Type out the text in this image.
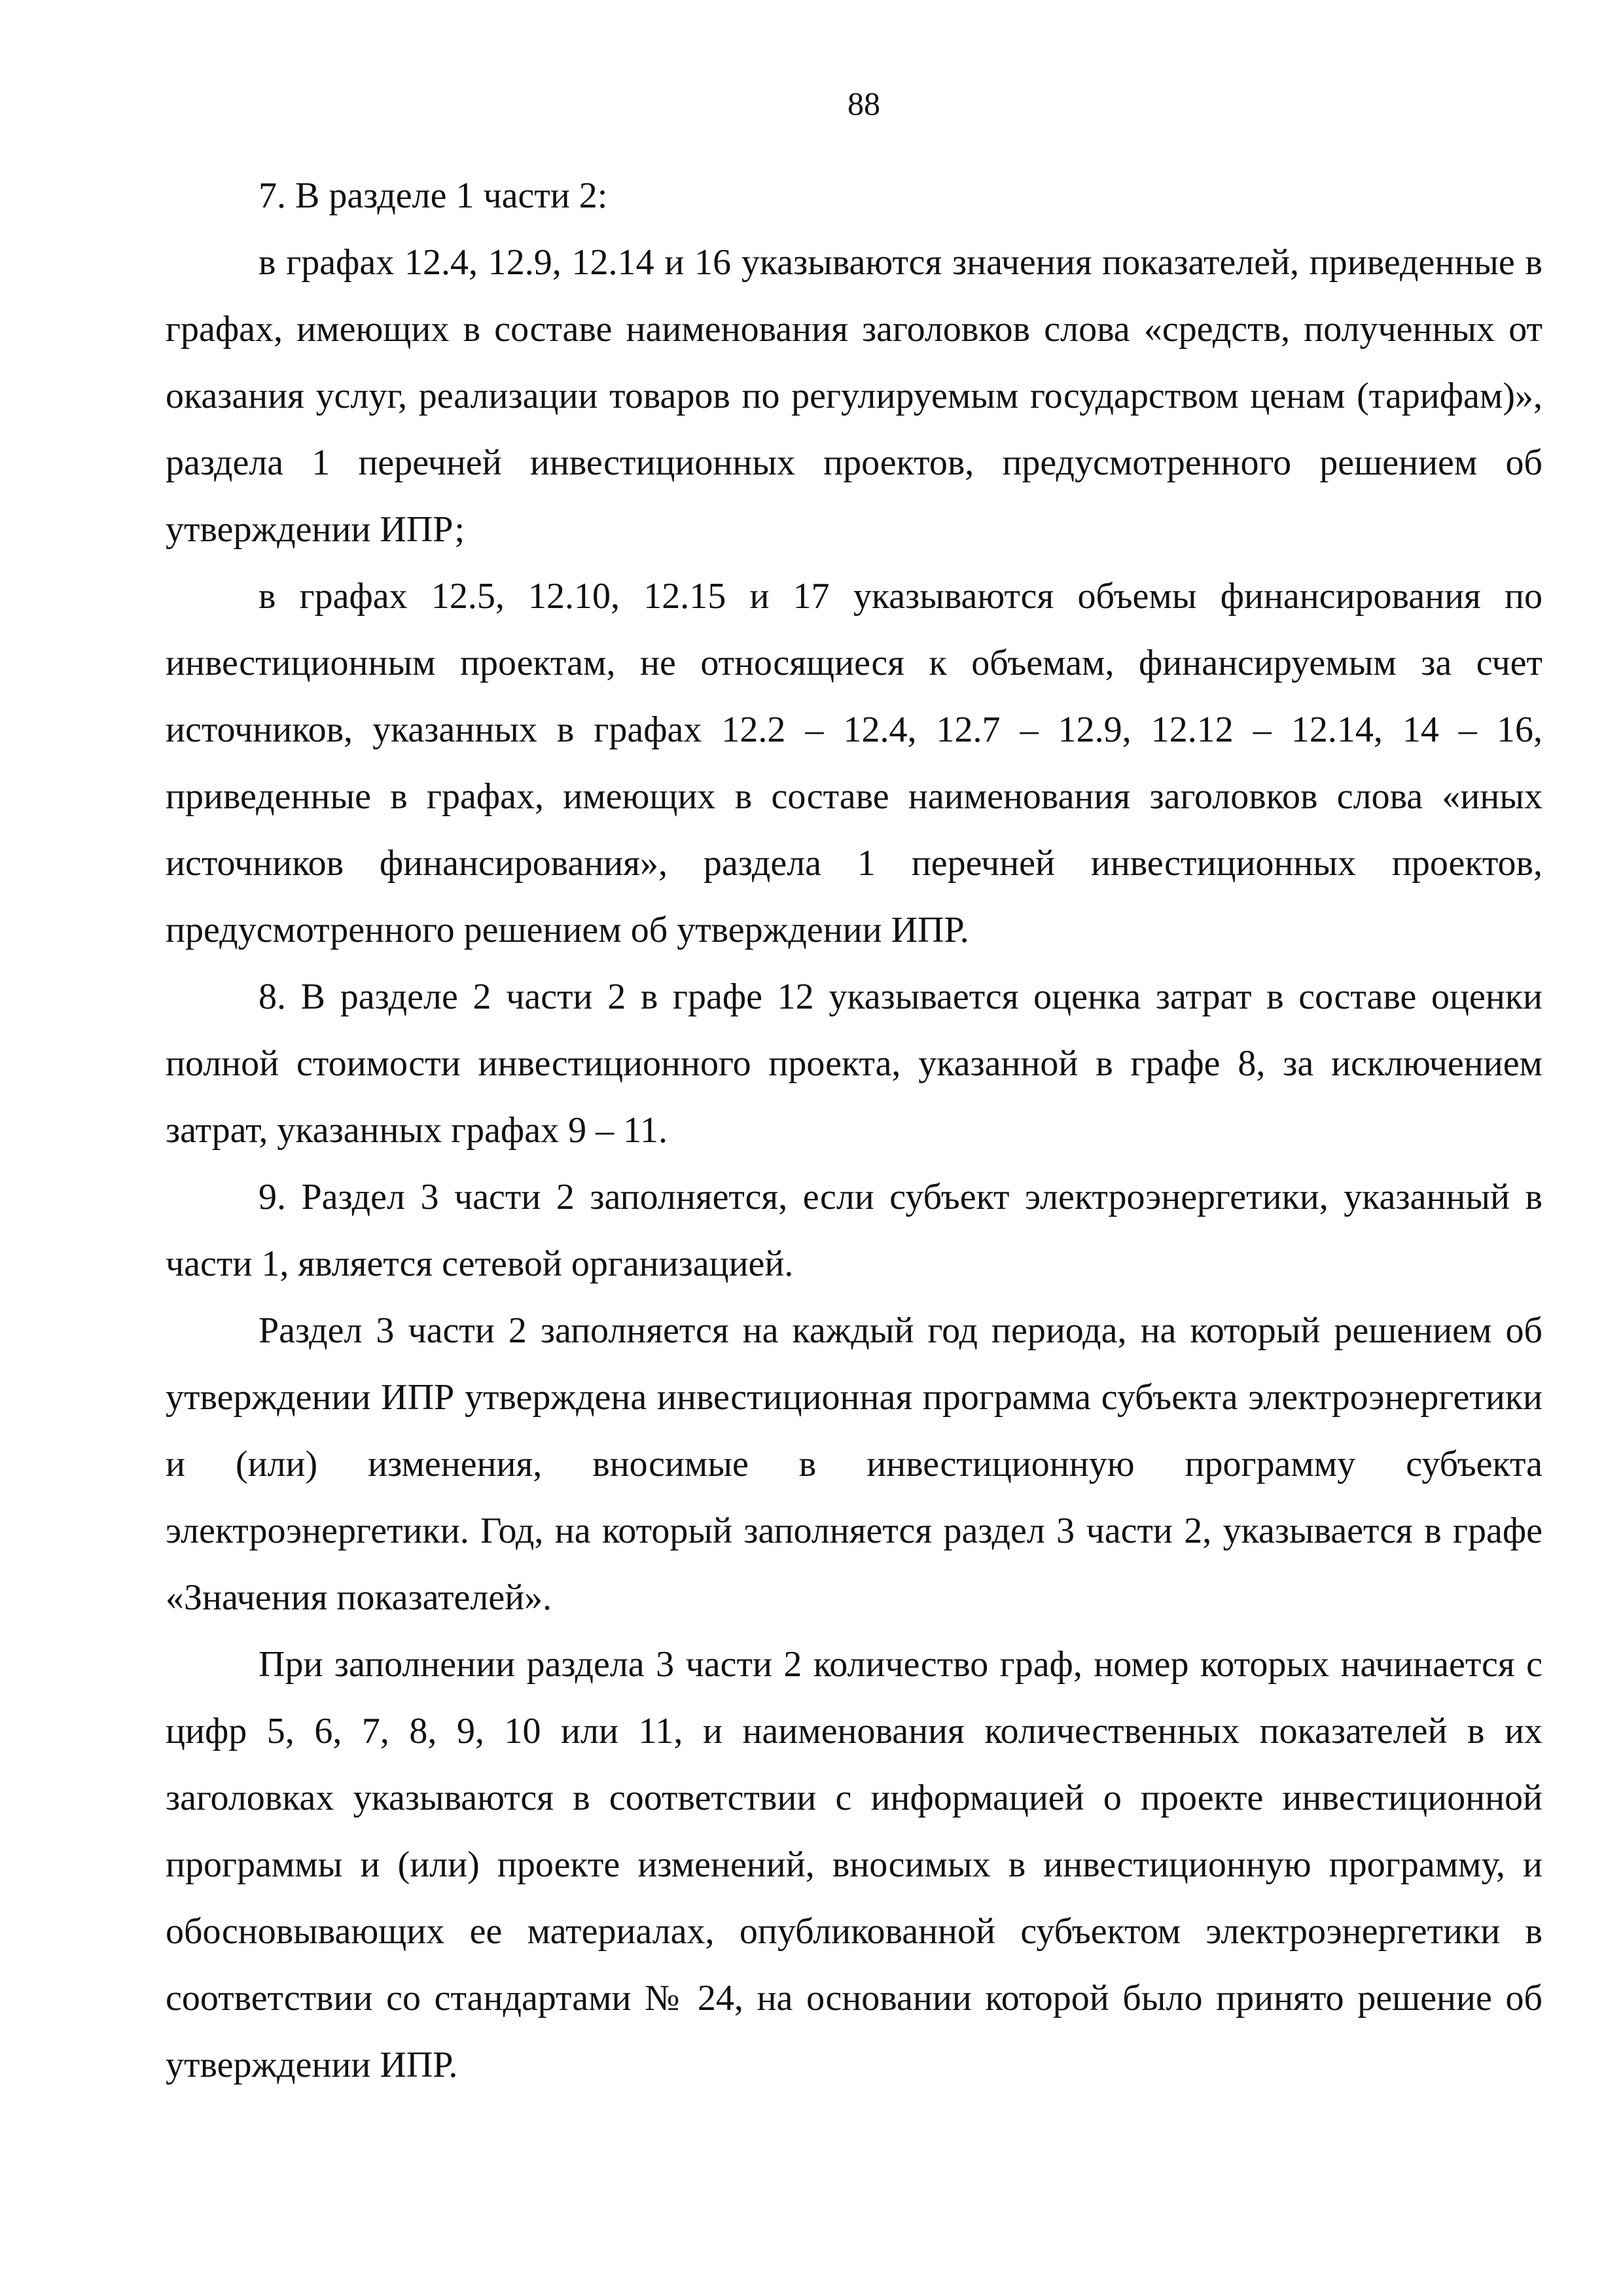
88

7. В разделе 1 части 2:

в графах 12.4, 12.9, 12.14 и 16 указываются значения показателей, приведенные в графах, имеющих в составе наименования заголовков слова «средств, полученных от оказания услуг, реализации товаров по регулируемым государством ценам (тарифам)», раздела 1 перечней инвестиционных проектов, предусмотренного решением об утверждении ИПР;

в графах 12.5, 12.10, 12.15 и 17 указываются объемы финансирования по инвестиционным проектам, не относящиеся к объемам, финансируемым за счет источников, указанных в графах 12.2 – 12.4, 12.7 – 12.9, 12.12 – 12.14, 14 – 16, приведенные в графах, имеющих в составе наименования заголовков слова «иных источников финансирования», раздела 1 перечней инвестиционных проектов, предусмотренного решением об утверждении ИПР.

8. В разделе 2 части 2 в графе 12 указывается оценка затрат в составе оценки полной стоимости инвестиционного проекта, указанной в графе 8, за исключением затрат, указанных графах 9 – 11.

9. Раздел 3 части 2 заполняется, если субъект электроэнергетики, указанный в части 1, является сетевой организацией.

Раздел 3 части 2 заполняется на каждый год периода, на который решением об утверждении ИПР утверждена инвестиционная программа субъекта электроэнергетики и (или) изменения, вносимые в инвестиционную программу субъекта электроэнергетики. Год, на который заполняется раздел 3 части 2, указывается в графе «Значения показателей».

При заполнении раздела 3 части 2 количество граф, номер которых начинается с цифр 5, 6, 7, 8, 9, 10 или 11, и наименования количественных показателей в их заголовках указываются в соответствии с информацией о проекте инвестиционной программы и (или) проекте изменений, вносимых в инвестиционную программу, и обосновывающих ее материалах, опубликованной субъектом электроэнергетики в соответствии со стандартами № 24, на основании которой было принято решение об утверждении ИПР.
